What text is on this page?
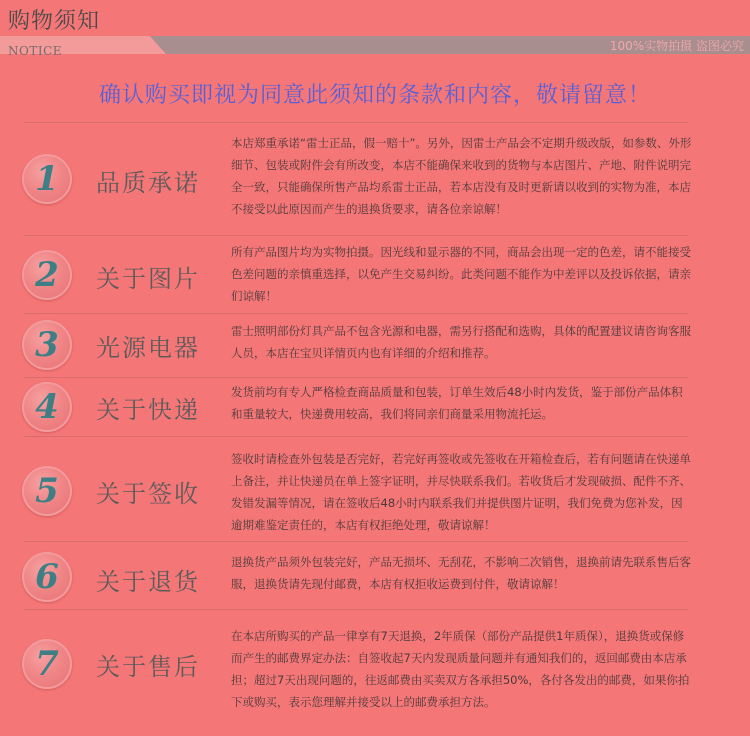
购物须知
NOTICE	100%实物拍摄 盗图必究
确认购买即视为同意此须知的条款和内容，敬请留意！
1	品质承诺
本店郑重承诺“雷士正品，假一赔十”。另外，因雷士产品会不定期升级改版，如参数、外形细节、包装或附件会有所改变，本店不能确保来收到的货物与本店图片、产地、附件说明完全一致，只能确保所售产品均系雷士正品，若本店没有及时更新请以收到的实物为准，本店不接受以此原因而产生的退换货要求，请各位亲谅解！
2	关于图片
所有产品图片均为实物拍摄。因光线和显示器的不同，商品会出现一定的色差，请不能接受色差问题的亲慎重选择，以免产生交易纠纷。此类问题不能作为中差评以及投诉依据，请亲们谅解！
3	光源电器
雷士照明部份灯具产品不包含光源和电器，需另行搭配和选购，具体的配置建议请咨询客服人员，本店在宝贝详情页内也有详细的介绍和推荐。
4	关于快递
发货前均有专人严格检查商品质量和包装，订单生效后48小时内发货，鉴于部份产品体积和重量较大，快递费用较高，我们将同亲们商量采用物流托运。
5	关于签收
签收时请检查外包装是否完好，若完好再签收或先签收在开箱检查后，若有问题请在快递单上备注，并让快递员在单上签字证明，并尽快联系我们。若收货后才发现破损、配件不齐、发错发漏等情况，请在签收后48小时内联系我们并提供图片证明，我们免费为您补发，因逾期难鉴定责任的，本店有权拒绝处理，敬请谅解！
6	关于退货
退换货产品须外包装完好，产品无损坏、无刮花，不影响二次销售，退换前请先联系售后客服，退换货请先现付邮费，本店有权拒收运费到付件，敬请谅解！
7	关于售后
在本店所购买的产品一律享有7天退换，2年质保（部份产品提供1年质保），退换货或保修而产生的邮费界定办法：自签收起7天内发现质量问题并有通知我们的，返回邮费由本店承担；超过7天出现问题的，往返邮费由买卖双方各承担50%，各付各发出的邮费，如果你拍下或购买，表示您理解并接受以上的邮费承担方法。
